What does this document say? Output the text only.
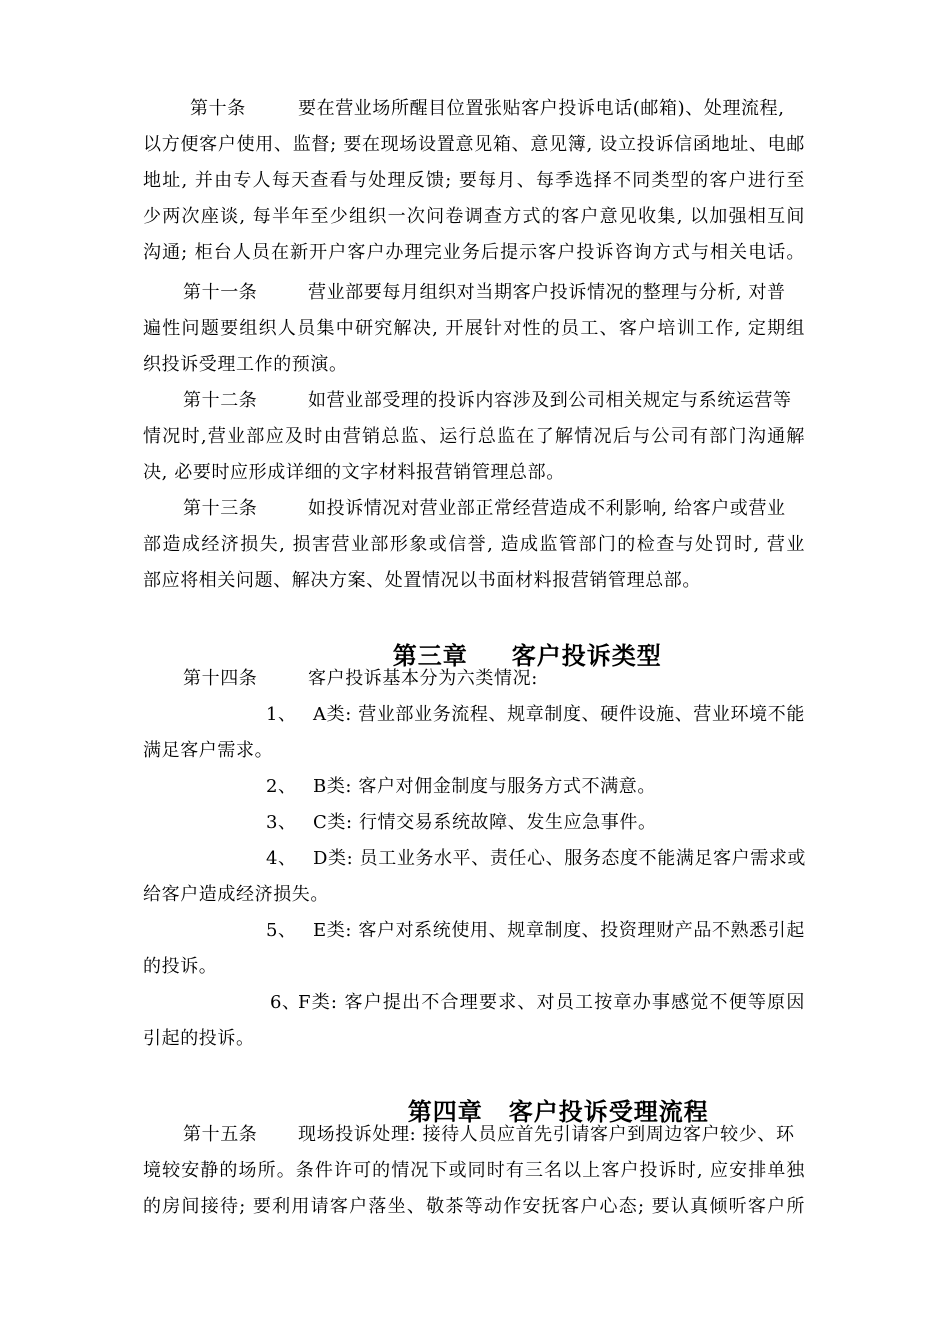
第十条	要在营业场所醒目位置张贴客户投诉电话(邮箱)、处理流程,
以方便客户使用、监督; 要在现场设置意见箱、意见簿, 设立投诉信函地址、电邮
地址, 并由专人每天查看与处理反馈; 要每月、每季选择不同类型的客户进行至
少两次座谈, 每半年至少组织一次问卷调查方式的客户意见收集, 以加强相互间
沟通; 柜台人员在新开户客户办理完业务后提示客户投诉咨询方式与相关电话。
第十一条	营业部要每月组织对当期客户投诉情况的整理与分析, 对普
遍性问题要组织人员集中研究解决, 开展针对性的员工、客户培训工作, 定期组
织投诉受理工作的预演。
第十二条	如营业部受理的投诉内容涉及到公司相关规定与系统运营等
情况时,营业部应及时由营销总监、运行总监在了解情况后与公司有部门沟通解
决, 必要时应形成详细的文字材料报营销管理总部。
第十三条	如投诉情况对营业部正常经营造成不利影响, 给客户或营业
部造成经济损失, 损害营业部形象或信誉, 造成监管部门的检查与处罚时, 营业
部应将相关问题、解决方案、处置情况以书面材料报营销管理总部。

第三章 客户投诉类型

第十四条	客户投诉基本分为六类情况:
1、 A类: 营业部业务流程、规章制度、硬件设施、营业环境不能
满足客户需求。
2、 B类: 客户对佣金制度与服务方式不满意。
3、 C类: 行情交易系统故障、发生应急事件。
4、 D类: 员工业务水平、责任心、服务态度不能满足客户需求或
给客户造成经济损失。
5、 E类: 客户对系统使用、规章制度、投资理财产品不熟悉引起
的投诉。
6、
F类: 客户提出不合理要求、对员工按章办事感觉不便等原因
引起的投诉。

第四章 客户投诉受理流程

第十五条 现场投诉处理: 接待人员应首先引请客户到周边客户较少、环
境较安静的场所。条件许可的情况下或同时有三名以上客户投诉时, 应安排单独
的房间接待; 要利用请客户落坐、敬茶等动作安抚客户心态; 要认真倾听客户所
